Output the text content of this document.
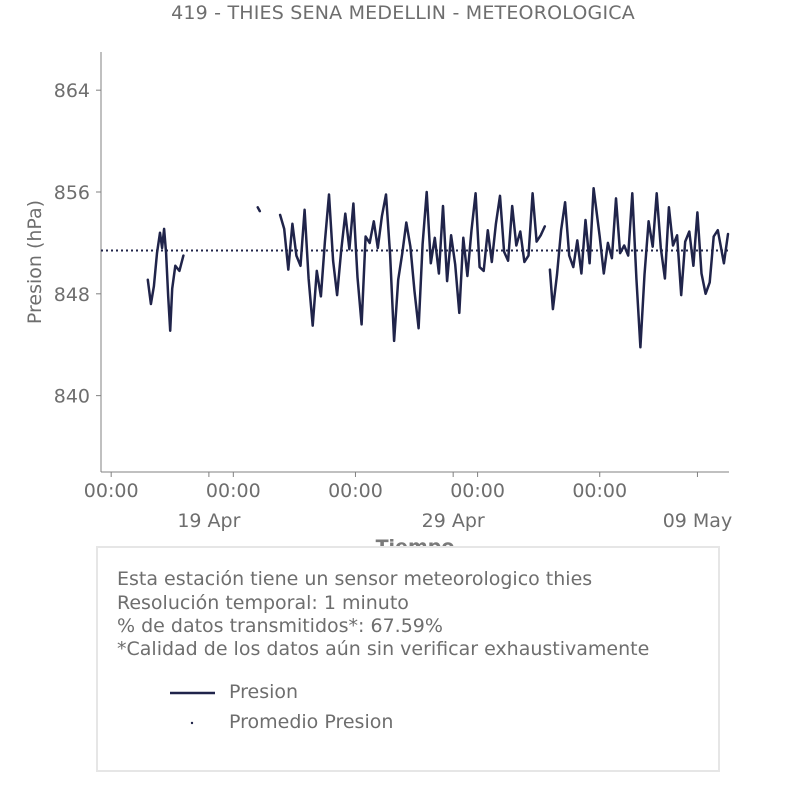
419 - THIES SENA MEDELLIN - METEOROLOGICA
840
848
856
864
00:00	00:00	00:00	00:00	00:00
19 Apr	29 Apr	09 May
Presion (hPa)
Esta estación tiene un sensor meteorologico thies
Resolución temporal: 1 minuto
% de datos transmitidos*: 67.59%
*Calidad de los datos aún sin verificar exhaustivamente
Presion
Promedio Presion
